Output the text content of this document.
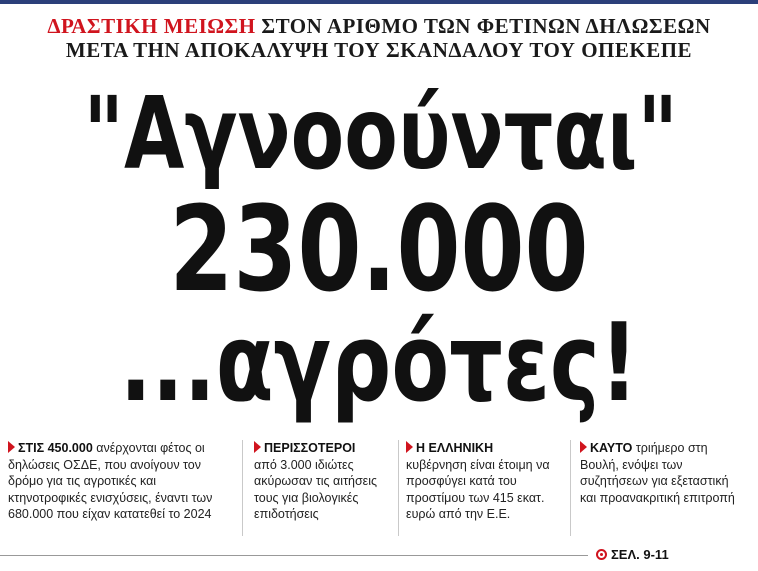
ΔΡΑΣΤΙΚΗ ΜΕΙΩΣΗ ΣΤΟΝ ΑΡΙΘΜΟ ΤΩΝ ΦΕΤΙΝΩΝ ΔΗΛΩΣΕΩΝ
ΜΕΤΑ ΤΗΝ ΑΠΟΚΑΛΥΨΗ ΤΟΥ ΣΚΑΝΔΑΛΟΥ ΤΟΥ ΟΠΕΚΕΠΕ
"Αγνοούνται"
230.000
...αγρότες!
ΣΤΙΣ 450.000 ανέρχονται φέτος οι δηλώσεις ΟΣΔΕ, που ανοίγουν τον δρόμο για τις αγροτικές και κτηνοτροφικές ενισχύσεις, έναντι των 680.000 που είχαν κατατεθεί το 2024
ΠΕΡΙΣΣΟΤΕΡΟΙ
από 3.000 ιδιώτες ακύρωσαν τις αιτήσεις τους για βιολογικές επιδοτήσεις
Η ΕΛΛΗΝΙΚΗ
κυβέρνηση είναι έτοιμη να προσφύγει κατά του προστίμου των 415 εκατ. ευρώ από την Ε.Ε.
ΚΑΥΤΟ τριήμερο στη Βουλή, ενόψει των συζητήσεων για εξεταστική και προανακριτική επιτροπή
ΣΕΛ. 9-11
